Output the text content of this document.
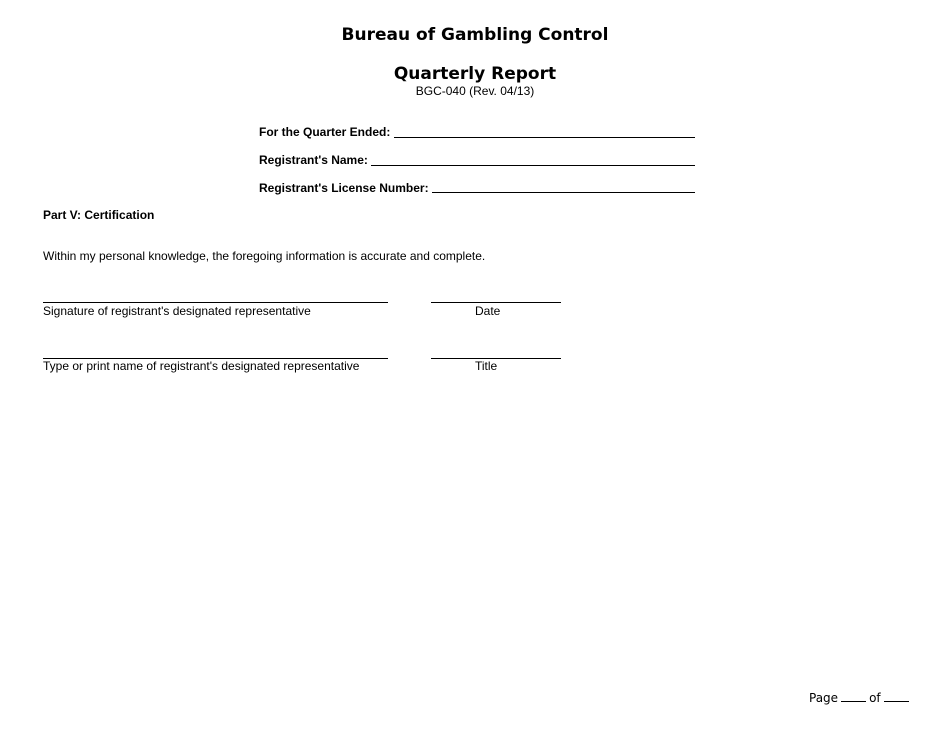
Bureau of Gambling Control
Quarterly Report
BGC-040 (Rev. 04/13)
For the Quarter Ended:
Registrant's Name:
Registrant's License Number:
Part V: Certification
Within my personal knowledge, the foregoing information is accurate and complete.
Signature of registrant's designated representative	Date
Type or print name of registrant's designated representative	Title
Page	of
